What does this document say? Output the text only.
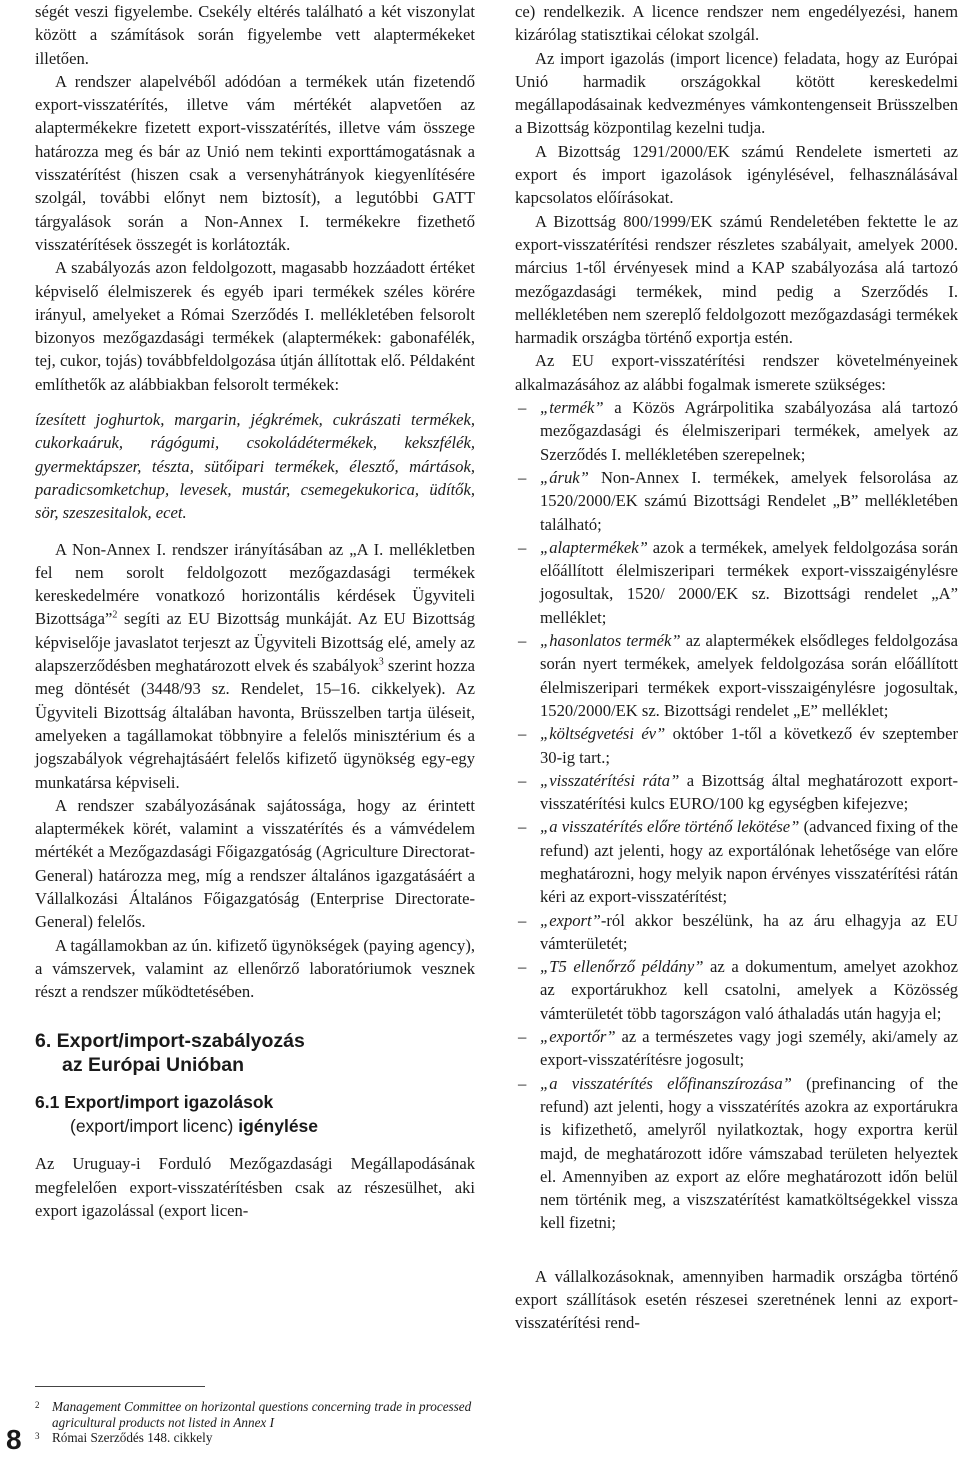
ségét veszi figyelembe. Csekély eltérés található a két viszonylat között a számítások során figyelembe vett alaptermékeket illetően.

A rendszer alapelvéből adódóan a termékek után fizetendő export-visszatérítés, illetve vám mértékét alapvetően az alaptermékekre fizetett export-visszatérítés, illetve vám összege határozza meg és bár az Unió nem tekinti exporttámogatásnak a visszatérítést (hiszen csak a versenyhátrányok kiegyenlítésére szolgál, további előnyt nem biztosít), a legutóbbi GATT tárgyalások során a Non-Annex I. termékekre fizethető visszatérítések összegét is korlátozták.

A szabályozás azon feldolgozott, magasabb hozzáadott értéket képviselő élelmiszerek és egyéb ipari termékek széles körére irányul, amelyeket a Római Szerződés I. mellékletében felsorolt bizonyos mezőgazdasági termékek (alaptermékek: gabonafélék, tej, cukor, tojás) továbbfeldolgozása útján állítottak elő. Példaként említhetők az alábbiakban felsorolt termékek:

ízesített joghurtok, margarin, jégkrémek, cukrászati termékek, cukorkaáruk, rágógumi, csokoládétermékek, kekszfélék, gyermektápszer, tészta, sütőipari termékek, élesztő, mártások, paradicsomketchup, levesek, mustár, csemegekukorica, üdítők, sör, szeszesitalok, ecet.

A Non-Annex I. rendszer irányításában az „A I. mellékletben fel nem sorolt feldolgozott mezőgazdasági termékek kereskedelmére vonatkozó horizontális kérdések Ügyviteli Bizottsága”$^2$ segíti az EU Bizottság munkáját. Az EU Bizottság képviselője javaslatot terjeszt az Ügyviteli Bizottság elé, amely az alapszerződésben meghatározott elvek és szabályok$^3$ szerint hozza meg döntését (3448/93 sz. Rendelet, 15–16. cikkelyek). Az Ügyviteli Bizottság általában havonta, Brüsszelben tartja üléseit, amelyeken a tagállamokat többnyire a felelős minisztérium és a jogszabályok végrehajtásáért felelős kifizető ügynökség egy-egy munkatársa képviseli.

A rendszer szabályozásának sajátossága, hogy az érintett alaptermékek körét, valamint a visszatérítés és a vámvédelem mértékét a Mezőgazdasági Főigazgatóság (Agriculture Directorat-General) határozza meg, míg a rendszer általános igazgatásáért a Vállalkozási Általános Főigazgatóság (Enterprise Directorate-General) felelős.

A tagállamokban az ún. kifizető ügynökségek (paying agency), a vámszervek, valamint az ellenőrző laboratóriumok vesznek részt a rendszer működtetésében.

6. Export/import-szabályozás
az Európai Unióban
6.1 Export/import igazolások
(export/import licenc) igénylése

Az Uruguay-i Forduló Mezőgazdasági Megállapodásának megfelelően export-visszatérítésben csak az részesülhet, aki export igazolással (export licen-

ce) rendelkezik. A licence rendszer nem engedélyezési, hanem kizárólag statisztikai célokat szolgál.

Az import igazolás (import licence) feladata, hogy az Európai Unió harmadik országokkal kötött kereskedelmi megállapodásainak kedvezményes vámkontengenseit Brüsszelben a Bizottság központilag kezelni tudja.

A Bizottság 1291/2000/EK számú Rendelete ismerteti az export és import igazolások igénylésével, felhasználásával kapcsolatos előírásokat.

A Bizottság 800/1999/EK számú Rendeletében fektette le az export-visszatérítési rendszer részletes szabályait, amelyek 2000. március 1-től érvényesek mind a KAP szabályozása alá tartozó mezőgazdasági termékek, mind pedig a Szerződés I. mellékletében nem szereplő feldolgozott mezőgazdasági termékek harmadik országba történő exportja estén.

Az EU export-visszatérítési rendszer követelményeinek alkalmazásához az alábbi fogalmak ismerete szükséges:

– „termék” a Közös Agrárpolitika szabályozása alá tartozó mezőgazdasági és élelmiszeripari termékek, amelyek az Szerződés I. mellékletében szerepelnek;
– „áruk” Non-Annex I. termékek, amelyek felsorolása az 1520/2000/EK számú Bizottsági Rendelet „B” mellékletében található;
– „alaptermékek” azok a termékek, amelyek feldolgozása során előállított élelmiszeripari termékek export-visszaigénylésre jogosultak, 1520/ 2000/EK sz. Bizottsági rendelet „A” melléklet;
– „hasonlatos termék” az alaptermékek elsődleges feldolgozása során nyert termékek, amelyek feldolgozása során előállított élelmiszeripari termékek export-visszaigénylésre jogosultak, 1520/2000/EK sz. Bizottsági rendelet „E” melléklet;
– „költségvetési év” október 1-től a következő év szeptember 30-ig tart.;
– „visszatérítési ráta” a Bizottság által meghatározott export-visszatérítési kulcs EURO/100 kg egységben kifejezve;
– „a visszatérítés előre történő lekötése” (advanced fixing of the refund) azt jelenti, hogy az exportálónak lehetősége van előre meghatározni, hogy melyik napon érvényes visszatérítési rátán kéri az export-visszatérítést;
– „export”-ról akkor beszélünk, ha az áru elhagyja az EU vámterületét;
– „T5 ellenőrző példány” az a dokumentum, amelyet azokhoz az exportárukhoz kell csatolni, amelyek a Közösség vámterületét több tagországon való áthaladás után hagyja el;
– „exportőr” az a természetes vagy jogi személy, aki/amely az export-visszatérítésre jogosult;
– „a visszatérítés előfinanszírozása” (prefinancing of the refund) azt jelenti, hogy a visszatérítés azokra az exportárukra is kifizethető, amelyről nyilatkoztak, hogy exportra kerül majd, de meghatározott időre vámszabad területen helyeztek el. Amennyiben az export az előre meghatározott időn belül nem történik meg, a viszszatérítést kamatköltségekkel vissza kell fizetni;

A vállalkozásoknak, amennyiben harmadik országba történő export szállítások esetén részesei szeretnének lenni az export-visszatérítési rend-

2 Management Committee on horizontal questions concerning trade in processed agricultural products not listed in Annex I
3 Római Szerződés 148. cikkely
8
